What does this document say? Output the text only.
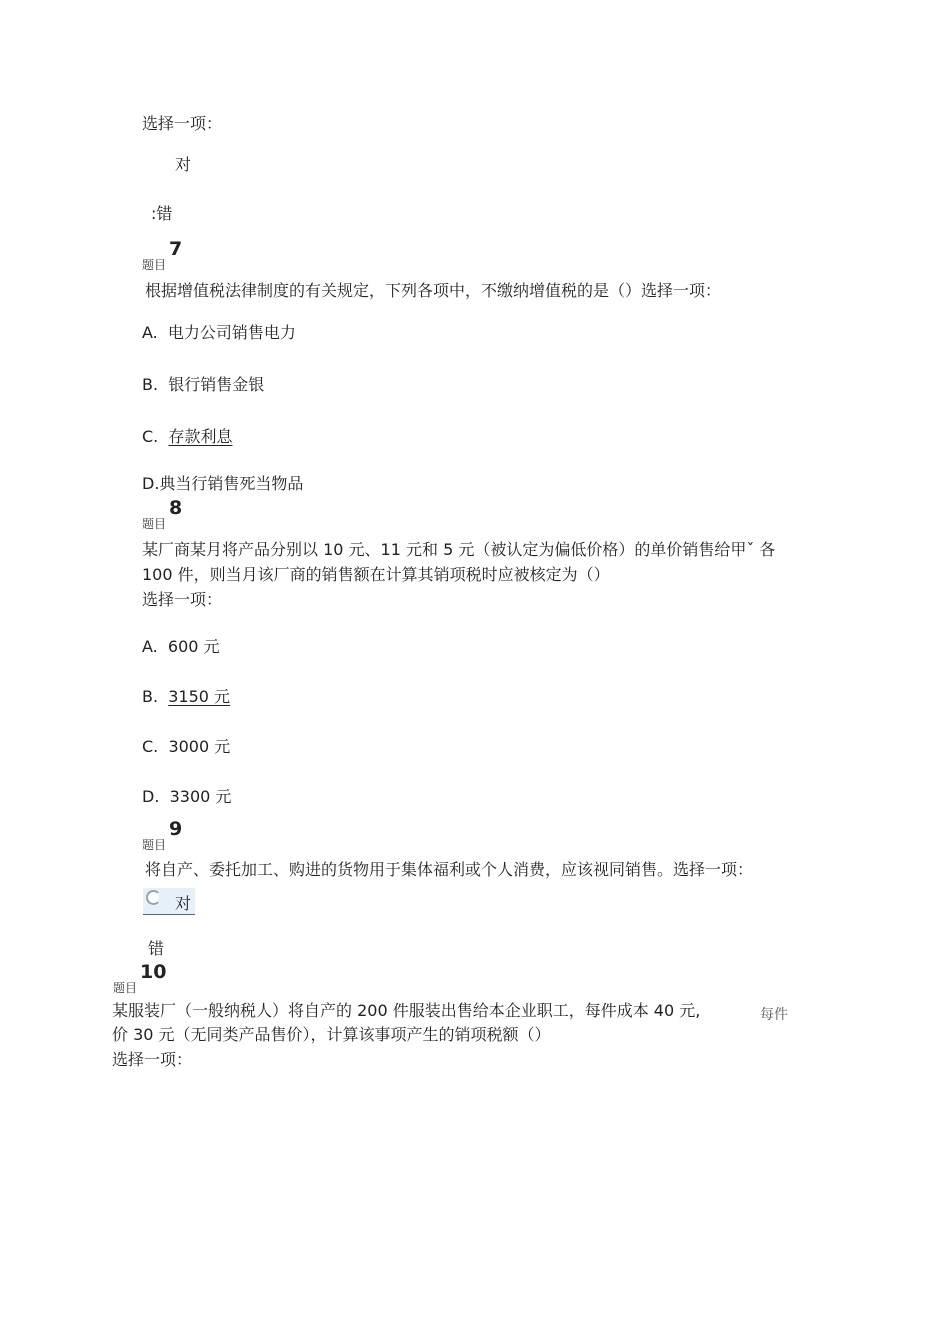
选择一项：
对
:错
7
题目
根据增值税法律制度的有关规定，下列各项中，不缴纳增值税的是（）选择一项：
A. 电力公司销售电力
B. 银行销售金银
C. 存款利息
D.典当行销售死当物品
8
题目
某厂商某月将产品分别以 10 元、11 元和 5 元（被认定为偏低价格）的单价销售给甲ˇ 各
100 件，则当月该厂商的销售额在计算其销项税时应被核定为（）
选择一项：
A. 600 元
B. 3150 元
C. 3000 元
D. 3300 元
9
题目
将自产、委托加工、购进的货物用于集体福利或个人消费，应该视同销售。选择一项：
对
错
10
题目
某服装厂（一般纳税人）将自产的 200 件服装出售给本企业职工，每件成本 40 元,	每件
价 30 元（无同类产品售价），计算该事项产生的销项税额（）
选择一项：
